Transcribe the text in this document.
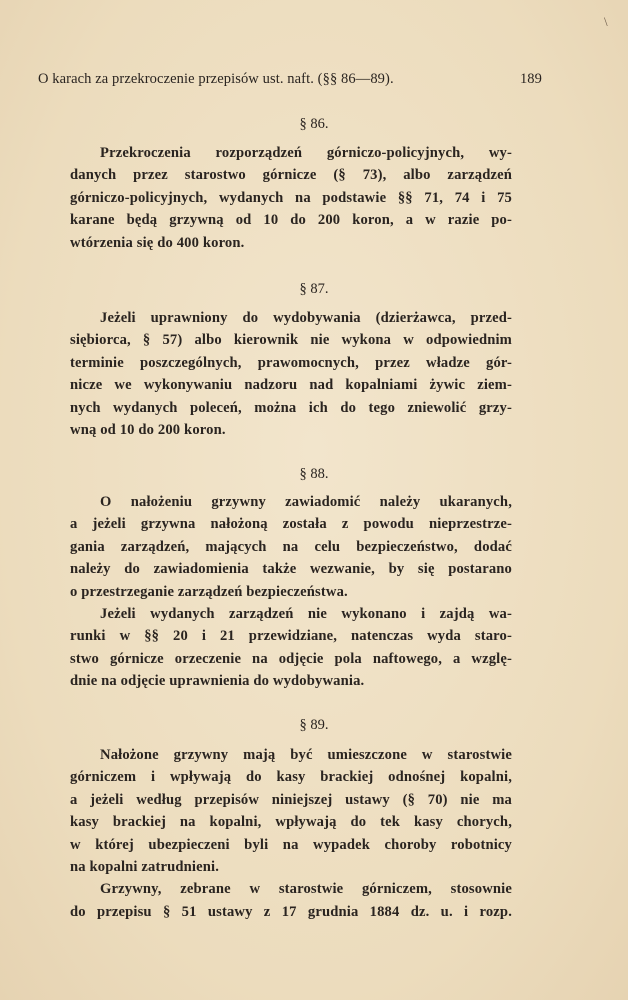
\
O karach za przekroczenie przepisów ust. naft. (§§ 86—89).	189
§ 86.
Przekroczenia rozporządzeń górniczo-policyjnych, wy-
danych przez starostwo górnicze (§ 73), albo zarządzeń
górniczo-policyjnych, wydanych na podstawie §§ 71, 74 i 75
karane będą grzywną od 10 do 200 koron, a w razie po-
wtórzenia się do 400 koron.
§ 87.
Jeżeli uprawniony do wydobywania (dzierżawca, przed-
siębiorca, § 57) albo kierownik nie wykona w odpowiednim
terminie poszczególnych, prawomocnych, przez władze gór-
nicze we wykonywaniu nadzoru nad kopalniami żywic ziem-
nych wydanych poleceń, można ich do tego zniewolić grzy-
wną od 10 do 200 koron.
§ 88.
O nałożeniu grzywny zawiadomić należy ukaranych,
a jeżeli grzywna nałożoną została z powodu nieprzestrze-
gania zarządzeń, mających na celu bezpieczeństwo, dodać
należy do zawiadomienia także wezwanie, by się postarano
o przestrzeganie zarządzeń bezpieczeństwa.
Jeżeli wydanych zarządzeń nie wykonano i zajdą wa-
runki w §§ 20 i 21 przewidziane, natenczas wyda staro-
stwo górnicze orzeczenie na odjęcie pola naftowego, a wzglę-
dnie na odjęcie uprawnienia do wydobywania.
§ 89.
Nałożone grzywny mają być umieszczone w starostwie
górniczem i wpływają do kasy brackiej odnośnej kopalni,
a jeżeli według przepisów niniejszej ustawy (§ 70) nie ma
kasy brackiej na kopalni, wpływają do tek kasy chorych,
w której ubezpieczeni byli na wypadek choroby robotnicy
na kopalni zatrudnieni.
Grzywny, zebrane w starostwie górniczem, stosownie
do przepisu § 51 ustawy z 17 grudnia 1884 dz. u. i rozp.
